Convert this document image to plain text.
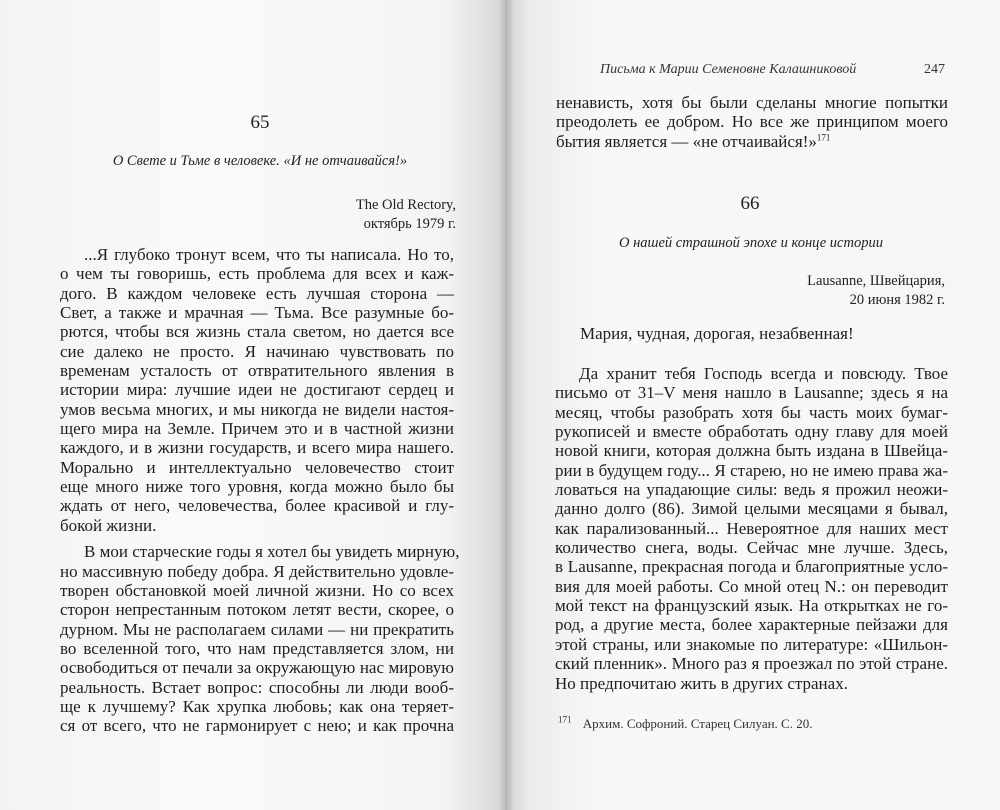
65
О Свете и Тьме в человеке. «И не отчаивайся!»
The Old Rectory,
октябрь 1979 г.
...Я глубоко тронут всем, что ты написала. Но то,
о чем ты говоришь, есть проблема для всех и каж-
дого. В каждом человеке есть лучшая сторона —
Свет, а также и мрачная — Тьма. Все разумные бо-
рются, чтобы вся жизнь стала светом, но дается все
сие далеко не просто. Я начинаю чувствовать по
временам усталость от отвратительного явления в
истории мира: лучшие идеи не достигают сердец и
умов весьма многих, и мы никогда не видели настоя-
щего мира на Земле. Причем это и в частной жизни
каждого, и в жизни государств, и всего мира нашего.
Морально и интеллектуально человечество стоит
еще много ниже того уровня, когда можно было бы
ждать от него, человечества, более красивой и глу-
бокой жизни.
В мои старческие годы я хотел бы увидеть мирную,
но массивную победу добра. Я действительно удовле-
творен обстановкой моей личной жизни. Но со всех
сторон непрестанным потоком летят вести, скорее, о
дурном. Мы не располагаем силами — ни прекратить
во вселенной того, что нам представляется злом, ни
освободиться от печали за окружающую нас мировую
реальность. Встает вопрос: способны ли люди вооб-
ще к лучшему? Как хрупка любовь; как она теряет-
ся от всего, что не гармонирует с нею; и как прочна
Письма к Марии Семеновне Калашниковой	247
ненависть, хотя бы были сделаны многие попытки
преодолеть ее добром. Но все же принципом моего
бытия является — «не отчаивайся!»$^{171}$
66
О нашей страшной эпохе и конце истории
Lausanne, Швейцария,
20 июня 1982 г.
Мария, чудная, дорогая, незабвенная!
Да хранит тебя Господь всегда и повсюду. Твое
письмо от 31–V меня нашло в Lausanne; здесь я на
месяц, чтобы разобрать хотя бы часть моих бумаг-
рукописей и вместе обработать одну главу для моей
новой книги, которая должна быть издана в Швейца-
рии в будущем году... Я старею, но не имею права жа-
ловаться на упадающие силы: ведь я прожил неожи-
данно долго (86). Зимой целыми месяцами я бывал,
как парализованный... Невероятное для наших мест
количество снега, воды. Сейчас мне лучше. Здесь,
в Lausanne, прекрасная погода и благоприятные усло-
вия для моей работы. Со мной отец N.: он переводит
мой текст на французский язык. На открытках не го-
род, а другие места, более характерные пейзажи для
этой страны, или знакомые по литературе: «Шильон-
ский пленник». Много раз я проезжал по этой стране.
Но предпочитаю жить в других странах.
$^{171}$ Архим. Софроний. Старец Силуан. С. 20.
